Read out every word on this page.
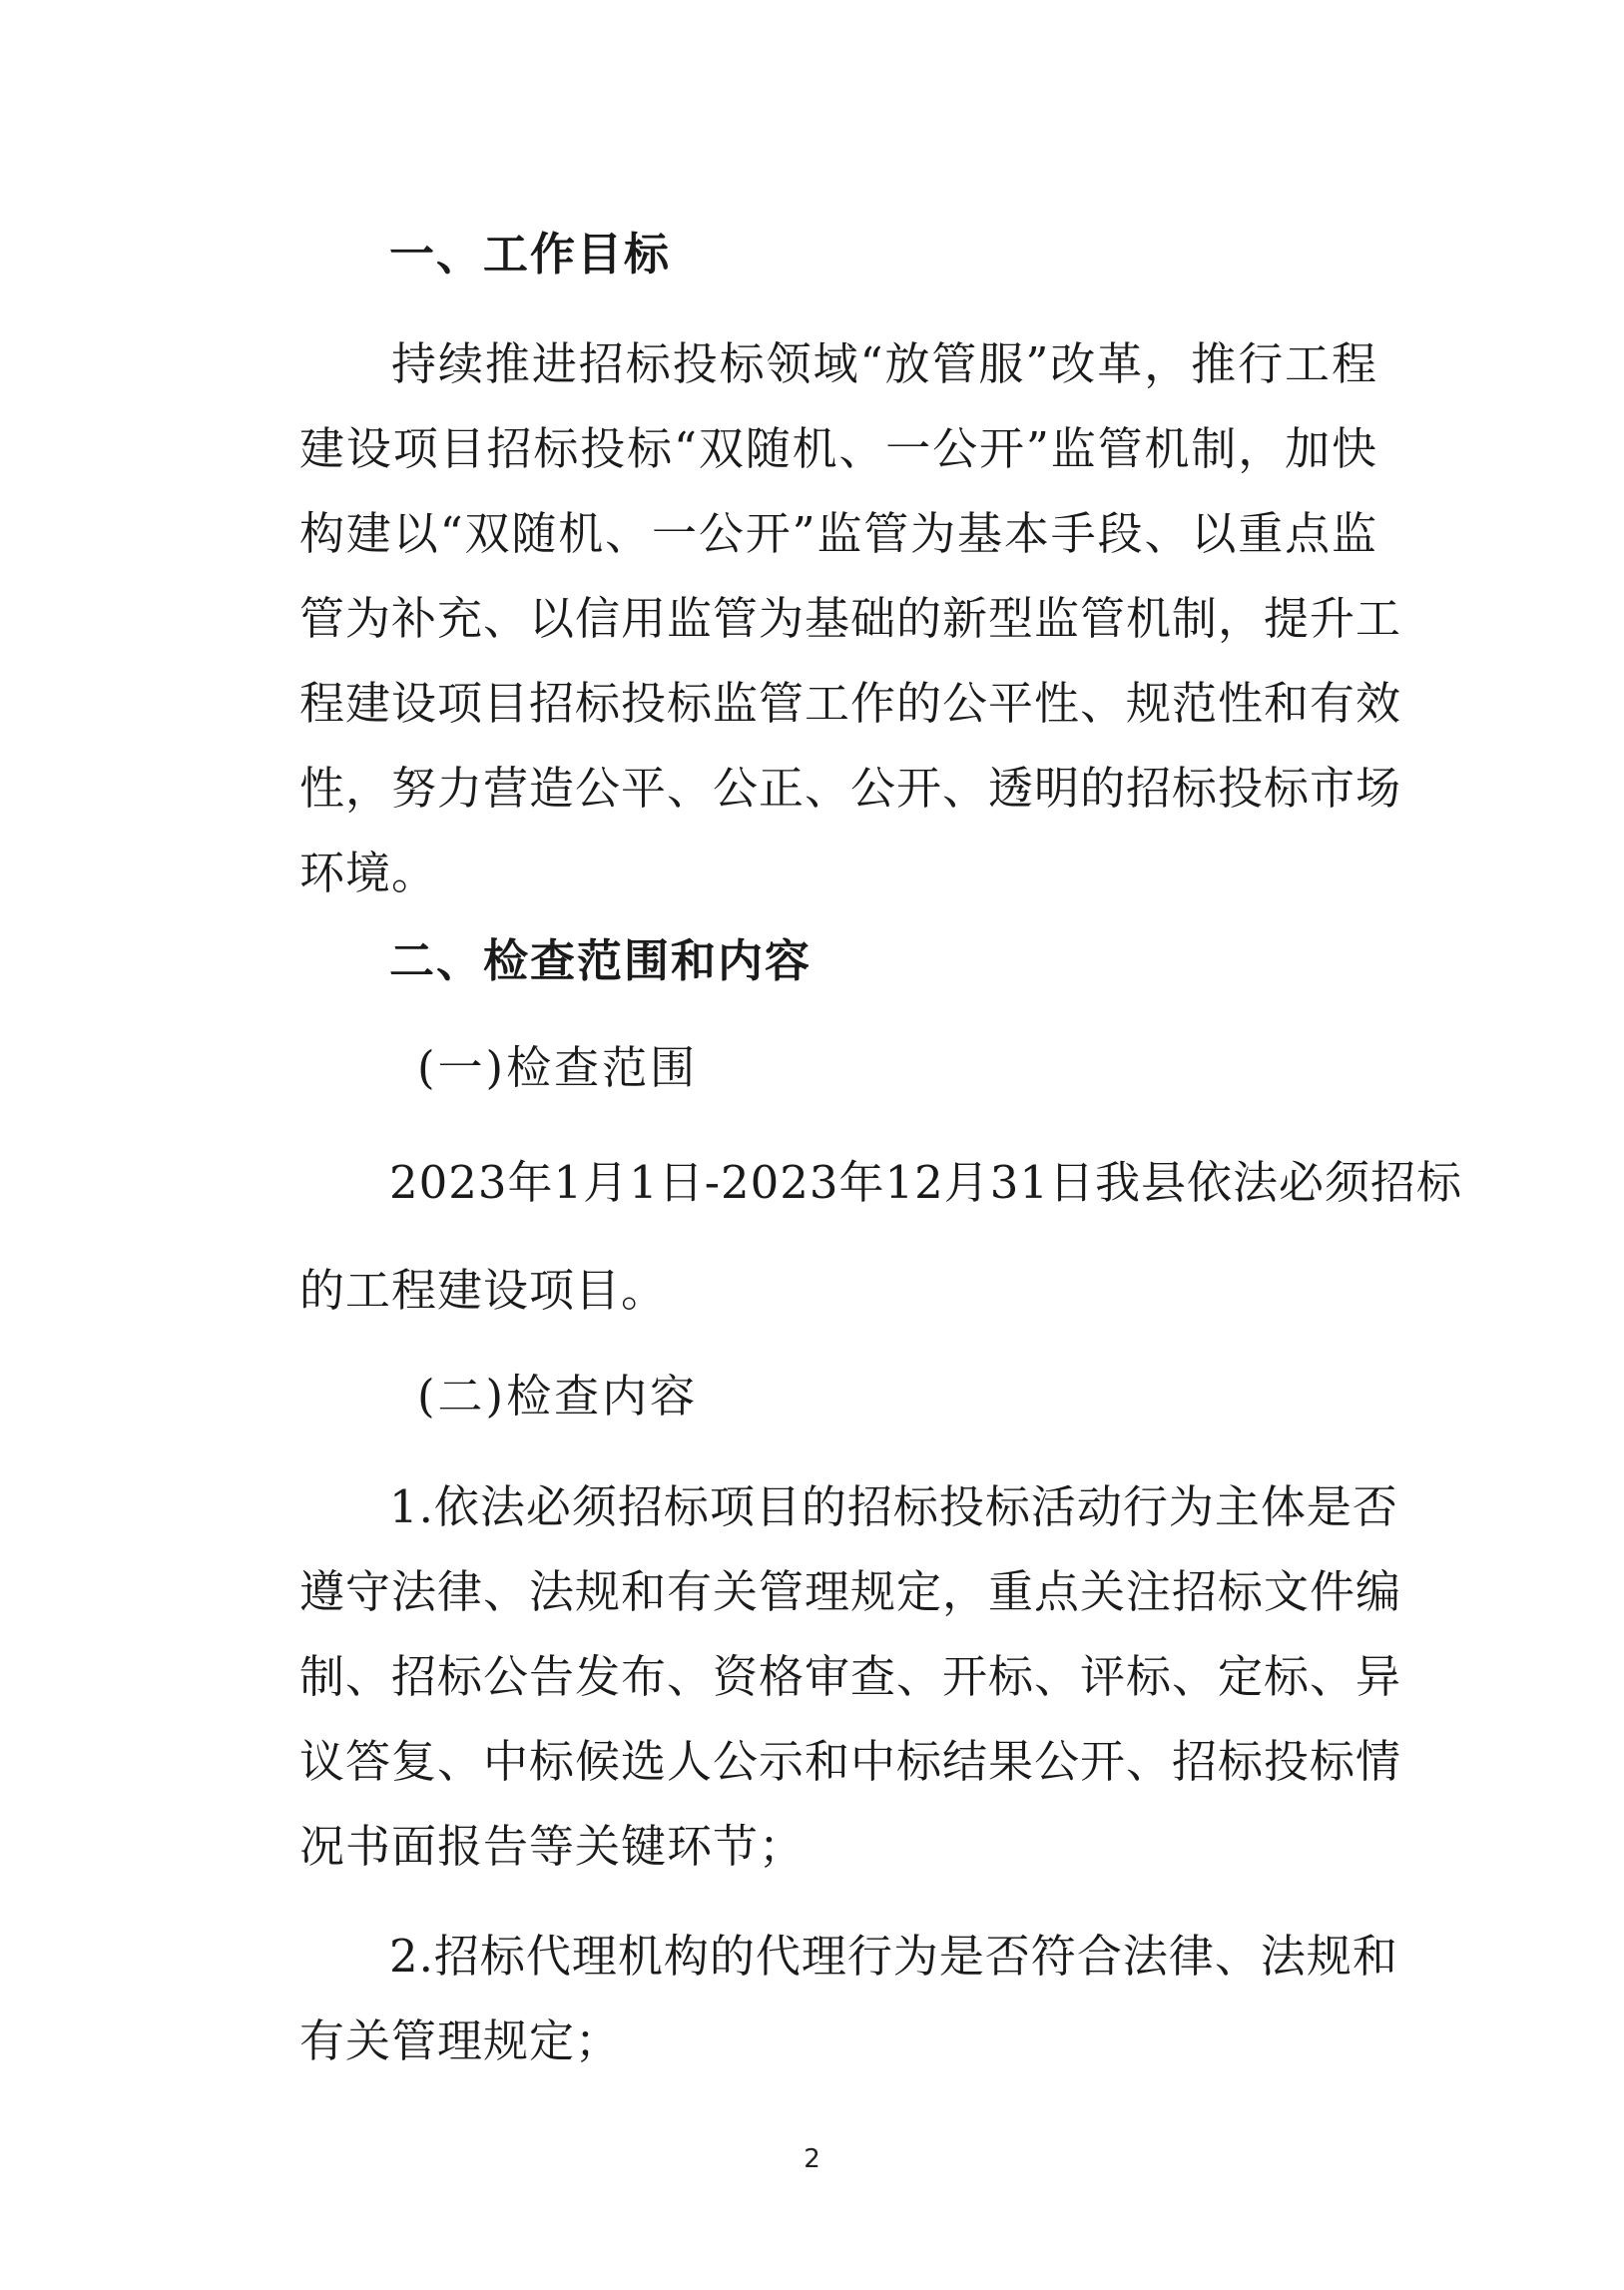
一、工作目标
持续推进招标投标领域“放管服”改革，推行工程
建设项目招标投标“双随机、一公开”监管机制，加快
构建以“双随机、一公开”监管为基本手段、以重点监
管为补充、以信用监管为基础的新型监管机制，提升工
程建设项目招标投标监管工作的公平性、规范性和有效
性，努力营造公平、公正、公开、透明的招标投标市场
环境。
二、检查范围和内容
(一)检查范围
2023年1月1日-2023年12月31日我县依法必须招标
的工程建设项目。
(二)检查内容
1.依法必须招标项目的招标投标活动行为主体是否
遵守法律、法规和有关管理规定，重点关注招标文件编
制、招标公告发布、资格审查、开标、评标、定标、异
议答复、中标候选人公示和中标结果公开、招标投标情
况书面报告等关键环节；
2.招标代理机构的代理行为是否符合法律、法规和
有关管理规定；
2
